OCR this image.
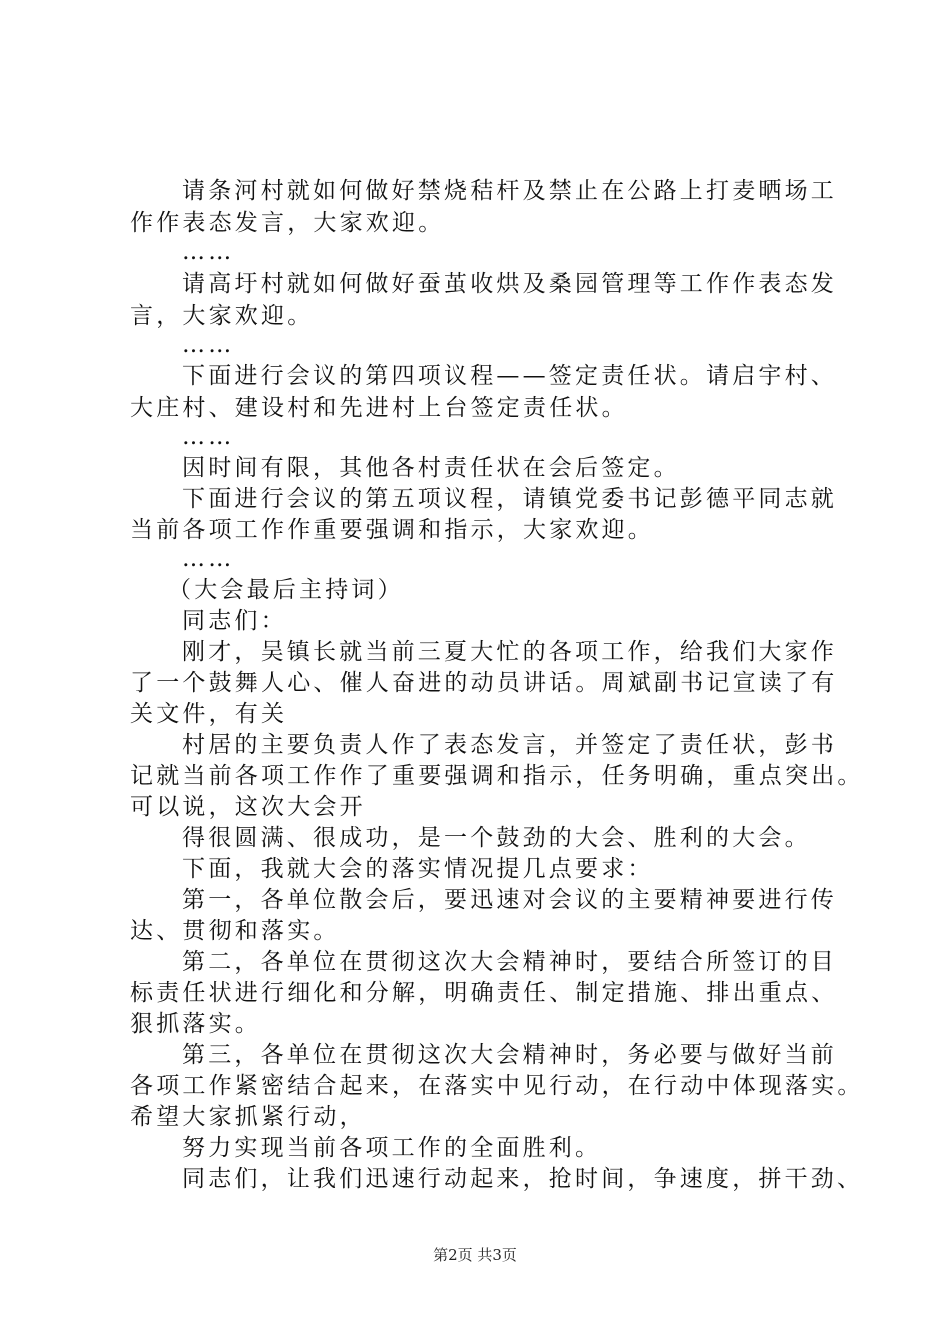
请条河村就如何做好禁烧秸杆及禁止在公路上打麦晒场工
作作表态发言，大家欢迎。
……
请高圩村就如何做好蚕茧收烘及桑园管理等工作作表态发
言，大家欢迎。
……
下面进行会议的第四项议程——签定责任状。请启宇村、
大庄村、建设村和先进村上台签定责任状。
……
因时间有限，其他各村责任状在会后签定。
下面进行会议的第五项议程，请镇党委书记彭德平同志就
当前各项工作作重要强调和指示，大家欢迎。
……
（大会最后主持词）
同志们：
刚才，吴镇长就当前三夏大忙的各项工作，给我们大家作
了一个鼓舞人心、催人奋进的动员讲话。周斌副书记宣读了有
关文件，有关
村居的主要负责人作了表态发言，并签定了责任状，彭书
记就当前各项工作作了重要强调和指示，任务明确，重点突出。
可以说，这次大会开
得很圆满、很成功，是一个鼓劲的大会、胜利的大会。
下面，我就大会的落实情况提几点要求：
第一，各单位散会后，要迅速对会议的主要精神要进行传
达、贯彻和落实。
第二，各单位在贯彻这次大会精神时，要结合所签订的目
标责任状进行细化和分解，明确责任、制定措施、排出重点、
狠抓落实。
第三，各单位在贯彻这次大会精神时，务必要与做好当前
各项工作紧密结合起来，在落实中见行动，在行动中体现落实。
希望大家抓紧行动，
努力实现当前各项工作的全面胜利。
同志们，让我们迅速行动起来，抢时间，争速度，拼干劲、
第2页 共3页
